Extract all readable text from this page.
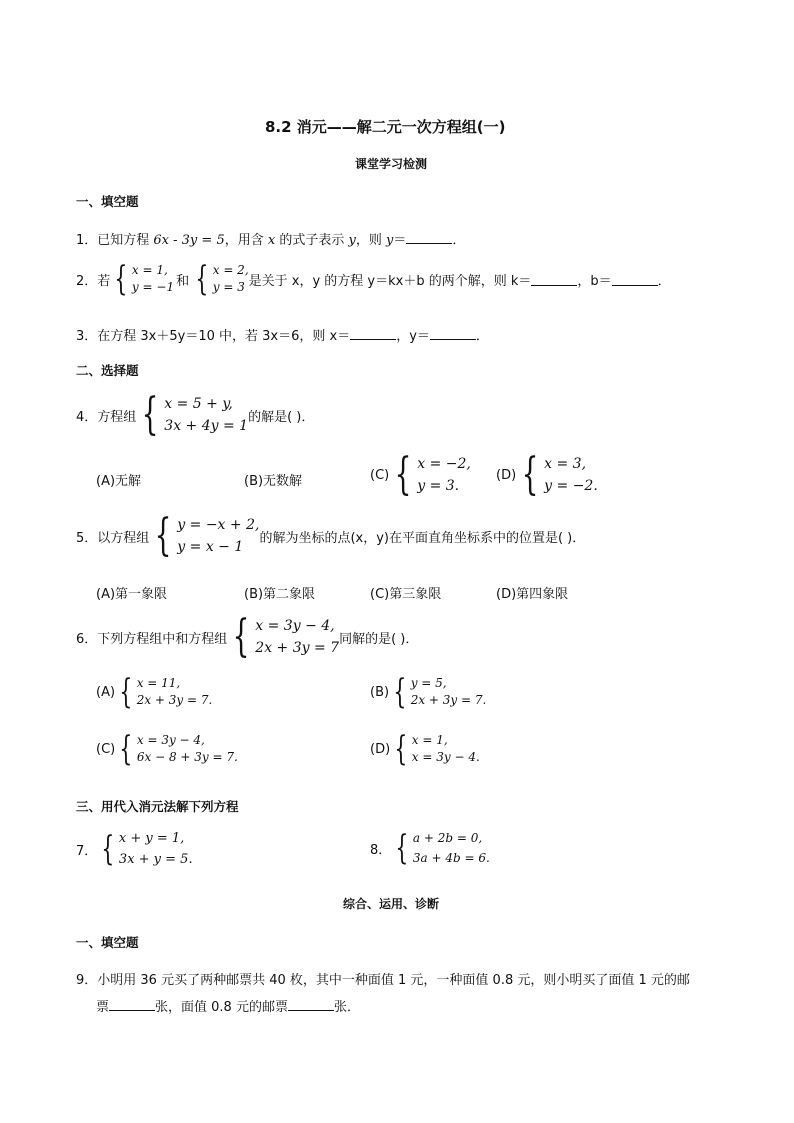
8.2 消元——解二元一次方程组(一)
课堂学习检测
一、填空题
1．已知方程 6x - 3y = 5，用含 x 的式子表示 y，则 y＝	．
2．若 { x = 1,
y = −1 和 { x = 2,
y = 3 是关于 x，y 的方程 y＝kx＋b 的两个解，则 k＝	，b＝	．
3．在方程 3x＋5y＝10 中，若 3x＝6，则 x＝	，y＝	．
二、选择题
4．方程组 { x = 5 + y,
3x + 4y = 1
的解是( )．
(A)无解	(B)无数解	(C) { x = −2,
y = 3.
(D) { x = 3,
y = −2.
5．以方程组 { y = −x + 2,
y = x − 1
的解为坐标的点(x，y)在平面直角坐标系中的位置是( )．
(A)第一象限	(B)第二象限	(C)第三象限	(D)第四象限
6．下列方程组中和方程组 { x = 3y − 4,
2x + 3y = 7
同解的是( )．
(A) { x = 11,
2x + 3y = 7.
(B) { y = 5,
2x + 3y = 7.
(C) { x = 3y − 4,
6x − 8 + 3y = 7.
(D) { x = 1,
x = 3y − 4.
三、用代入消元法解下列方程
7． { x + y = 1,
3x + y = 5.
8． { a + 2b = 0,
3a + 4b = 6.
综合、运用、诊断
一、填空题
9．小明用 36 元买了两种邮票共 40 枚，其中一种面值 1 元，一种面值 0.8 元，则小明买了面值 1 元的邮
票	张，面值 0.8 元的邮票	张．
